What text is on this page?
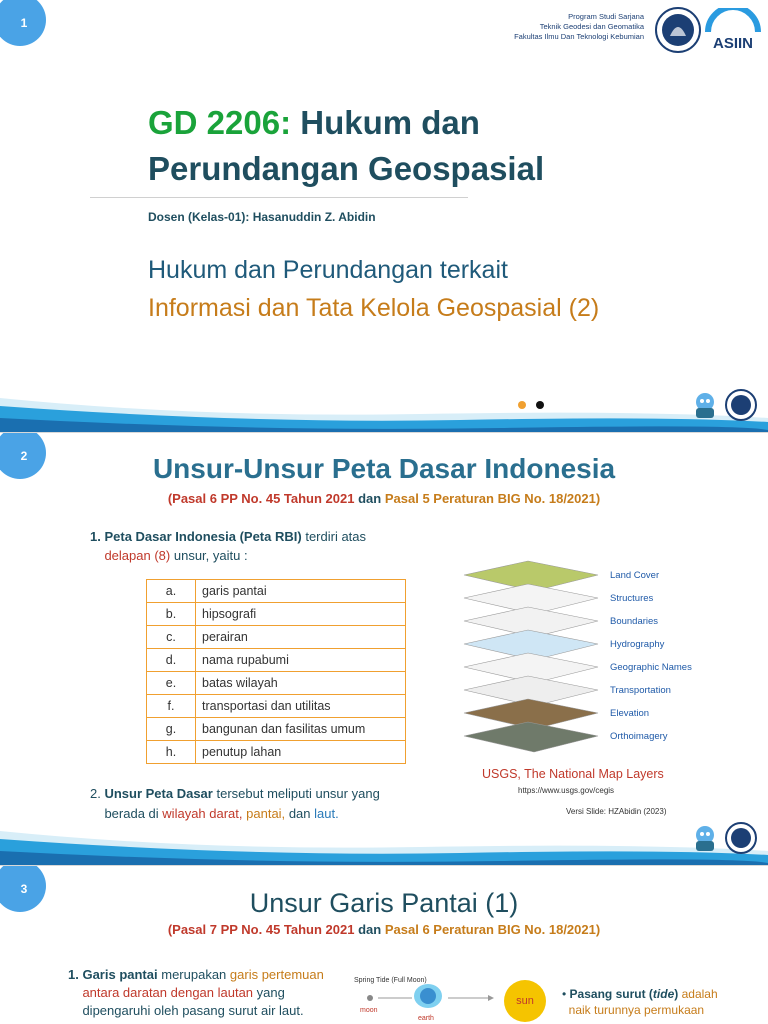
1	Program Studi Sarjana
Teknik Geodesi dan Geomatika
Fakultas Ilmu Dan Teknologi Kebumian	ASIIN
GD 2206: Hukum dan
Perundangan Geospasial
Dosen (Kelas-01): Hasanuddin Z. Abidin
Hukum dan Perundangan terkait
Informasi dan Tata Kelola Geospasial (2)
2	Unsur-Unsur Peta Dasar Indonesia
(Pasal 6 PP No. 45 Tahun 2021 dan Pasal 5 Peraturan BIG No. 18/2021)
1. Peta Dasar Indonesia (Peta RBI) terdiri atas
delapan (8) unsur, yaitu :
a.	garis pantai
b.	hipsografi
c.	perairan
d.	nama rupabumi
e.	batas wilayah
f.	transportasi dan utilitas
g.	bangunan dan fasilitas umum
h.	penutup lahan
Land Cover
Structures
Boundaries
Hydrography
Geographic Names
Transportation
Elevation
Orthoimagery
USGS, The National Map Layers
https://www.usgs.gov/cegis
Versi Slide: HZAbidin (2023)
2. Unsur Peta Dasar tersebut meliputi unsur yang
berada di wilayah darat, pantai, dan laut.
3	Unsur Garis Pantai (1)
(Pasal 7 PP No. 45 Tahun 2021 dan Pasal 6 Peraturan BIG No. 18/2021)
1. Garis pantai merupakan garis pertemuan
antara daratan dengan lautan yang
dipengaruhi oleh pasang surut air laut.
Spring Tide (Full Moon)
moon
earth
sun • Pasang surut (tide) adalah
naik turunnya permukaan
